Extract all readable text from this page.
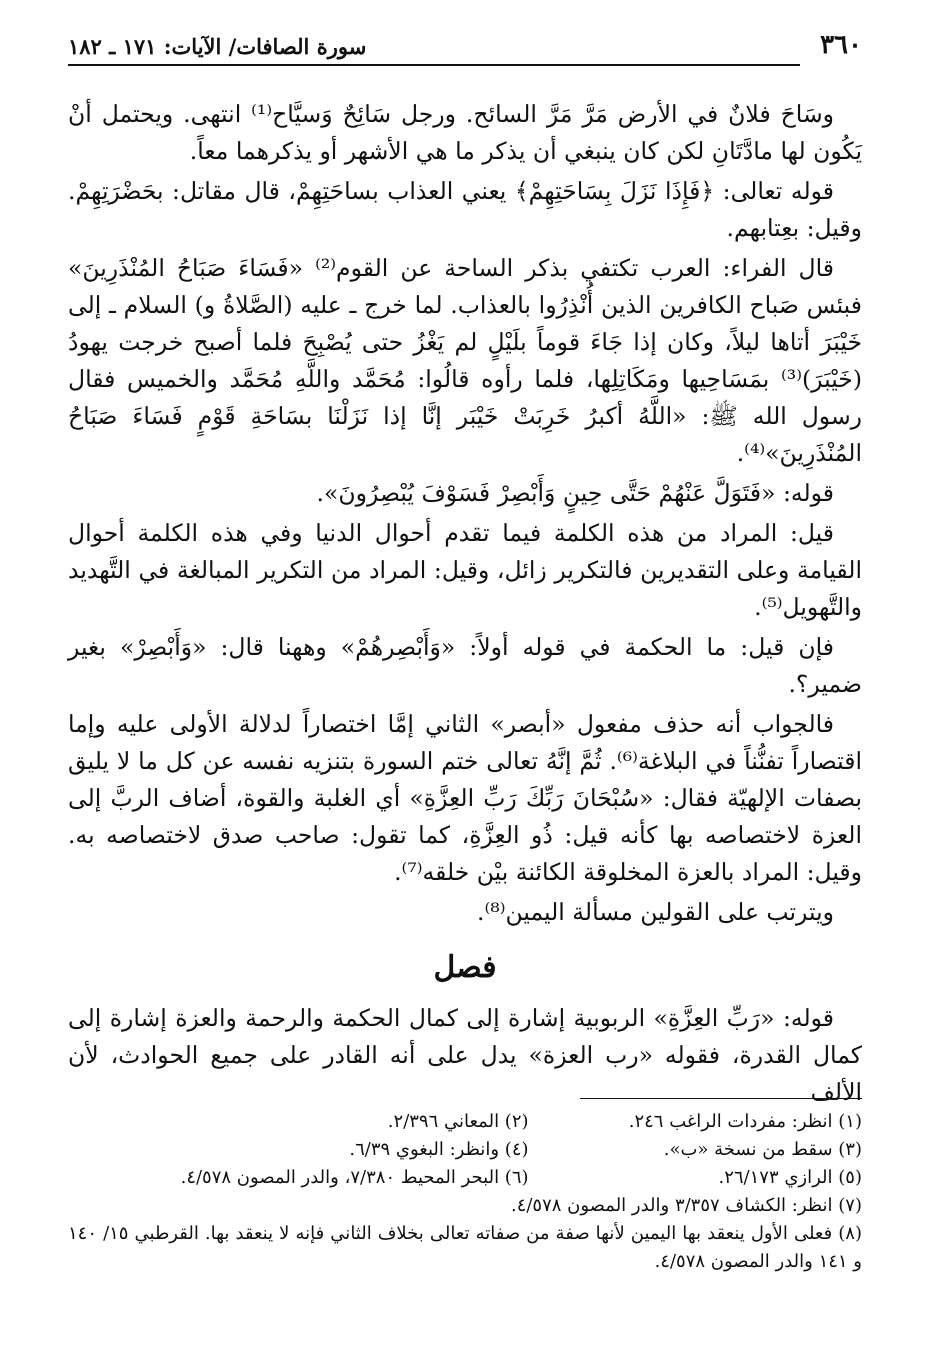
٣٦٠
سورة الصافات/ الآيات: ١٧١ ـ ١٨٢

وسَاحَ فلانٌ في الأرض مَرَّ مَرَّ السائح. ورجل سَائِحٌ وَسيَّاح⁽¹⁾ انتهى. ويحتمل أنْ يَكُون لها مادَّتَانِ لكن كان ينبغي أن يذكر ما هي الأشهر أو يذكرهما معاً.

قوله تعالى: ﴿فَإِذَا نَزَلَ بِسَاحَتِهِمْ﴾ يعني العذاب بساحَتِهِمْ، قال مقاتل: بحَضْرَتِهِمْ. وقيل: بعِتابهم.

قال الفراء: العرب تكتفي بذكر الساحة عن القوم⁽²⁾ «فَسَاءَ صَبَاحُ المُنْذَرِينَ» فبئس صَباح الكافرين الذين أُنْذِرُوا بالعذاب. لما خرج ـ عليه (الصَّلاةُ و) السلام ـ إلى خَيْبَرَ أتاها ليلاً، وكان إذا جَاءَ قوماً بلَيْلٍ لم يَغْزُ حتى يُصْبِحَ فلما أصبح خرجت يهودُ (خَيْبَرَ)⁽³⁾ بمَسَاحِيها ومَكَاتِلِها، فلما رأوه قالُوا: مُحَمَّد واللَّهِ مُحَمَّد والخميس فقال رسول الله ﷺ: «اللَّهُ أكبرُ خَرِبَتْ خَيْبَر إنَّا إذا نَزَلْنَا بسَاحَةِ قَوْمٍ فَسَاءَ صَبَاحُ المُنْذَرِينَ»⁽⁴⁾.

قوله: «فَتَوَلَّ عَنْهُمْ حَتَّى حِينٍ وَأَبْصِرْ فَسَوْفَ يُبْصِرُونَ».

قيل: المراد من هذه الكلمة فيما تقدم أحوال الدنيا وفي هذه الكلمة أحوال القيامة وعلى التقديرين فالتكرير زائل، وقيل: المراد من التكرير المبالغة في التَّهديد والتَّهويل⁽⁵⁾.

فإن قيل: ما الحكمة في قوله أولاً: «وَأَبْصِرهُمْ» وههنا قال: «وَأَبْصِرْ» بغير ضمير؟.

فالجواب أنه حذف مفعول «أبصر» الثاني إمَّا اختصاراً لدلالة الأولى عليه وإما اقتصاراً تفنُّناً في البلاغة⁽⁶⁾. ثُمَّ إنَّهُ تعالى ختم السورة بتنزيه نفسه عن كل ما لا يليق بصفات الإلهيّة فقال: «سُبْحَانَ رَبِّكَ رَبِّ العِزَّةِ» أي الغلبة والقوة، أضاف الربَّ إلى العزة لاختصاصه بها كأنه قيل: ذُو العِزَّةِ، كما تقول: صاحب صدق لاختصاصه به. وقيل: المراد بالعزة المخلوقة الكائنة بيْن خلقه⁽⁷⁾.

ويترتب على القولين مسألة اليمين⁽⁸⁾.

فصل

قوله: «رَبِّ العِزَّةِ» الربوبية إشارة إلى كمال الحكمة والرحمة والعزة إشارة إلى كمال القدرة، فقوله «رب العزة» يدل على أنه القادر على جميع الحوادث، لأن الألف

(١) انظر: مفردات الراغب ٢٤٦.
(٢) المعاني ٢/٣٩٦.
(٣) سقط من نسخة «ب».
(٤) وانظر: البغوي ٦/٣٩.
(٥) الرازي ٢٦/١٧٣.
(٦) البحر المحيط ٧/٣٨٠، والدر المصون ٤/٥٧٨.
(٧) انظر: الكشاف ٣/٣٥٧ والدر المصون ٤/٥٧٨.
(٨) فعلى الأول ينعقد بها اليمين لأنها صفة من صفاته تعالى بخلاف الثاني فإنه لا ينعقد بها. القرطبي ١٥/ ١٤٠ و ١٤١ والدر المصون ٤/٥٧٨.
